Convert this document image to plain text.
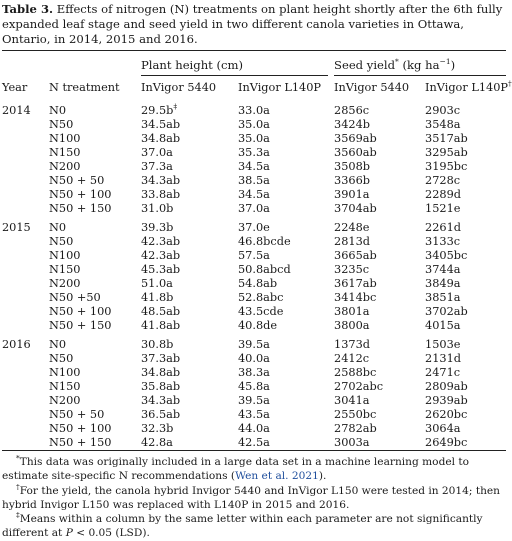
Table 3. Effects of nitrogen (N) treatments on plant height shortly after the 6th fully expanded leaf stage and seed yield in two different canola varieties in Ottawa, Ontario, in 2014, 2015 and 2016.

		Plant height (cm)		Seed yield* (kg $ha^{-1}$)	

Year	N treatment	InVigor 5440	InVigor L140P	InVigor 5440	InVigor L140P†

2014	N0	29.5b‡	33.0a	2856c	2903c
	N50	34.5ab	35.0a	3424b	3548a
	N100	34.8ab	35.0a	3569ab	3517ab
	N150	37.0a	35.3a	3560ab	3295ab
	N200	37.3a	34.5a	3508b	3195bc
	N50 + 50	34.3ab	38.5a	3366b	2728c
	N50 + 100	33.8ab	34.5a	3901a	2289d
	N50 + 150	31.0b	37.0a	3704ab	1521e

2015	N0	39.3b	37.0e	2248e	2261d
	N50	42.3ab	46.8bcde	2813d	3133c
	N100	42.3ab	57.5a	3665ab	3405bc
	N150	45.3ab	50.8abcd	3235c	3744a
	N200	51.0a	54.8ab	3617ab	3849a
	N50 +50	41.8b	52.8abc	3414bc	3851a
	N50 + 100	48.5ab	43.5cde	3801a	3702ab
	N50 + 150	41.8ab	40.8de	3800a	4015a

2016	N0	30.8b	39.5a	1373d	1503e
	N50	37.3ab	40.0a	2412c	2131d
	N100	34.8ab	38.3a	2588bc	2471c
	N150	35.8ab	45.8a	2702abc	2809ab
	N200	34.3ab	39.5a	3041a	2939ab
	N50 + 50	36.5ab	43.5a	2550bc	2620bc
	N50 + 100	32.3b	44.0a	2782ab	3064a
	N50 + 150	42.8a	42.5a	3003a	2649bc

*This data was originally included in a large data set in a machine learning model to estimate site-specific N recommendations (Wen et al. 2021).

†For the yield, the canola hybrid Invigor 5440 and InVigor L150 were tested in 2014; then hybrid Invigor L150 was replaced with L140P in 2015 and 2016.

‡Means within a column by the same letter within each parameter are not significantly different at P < 0.05 (LSD).
